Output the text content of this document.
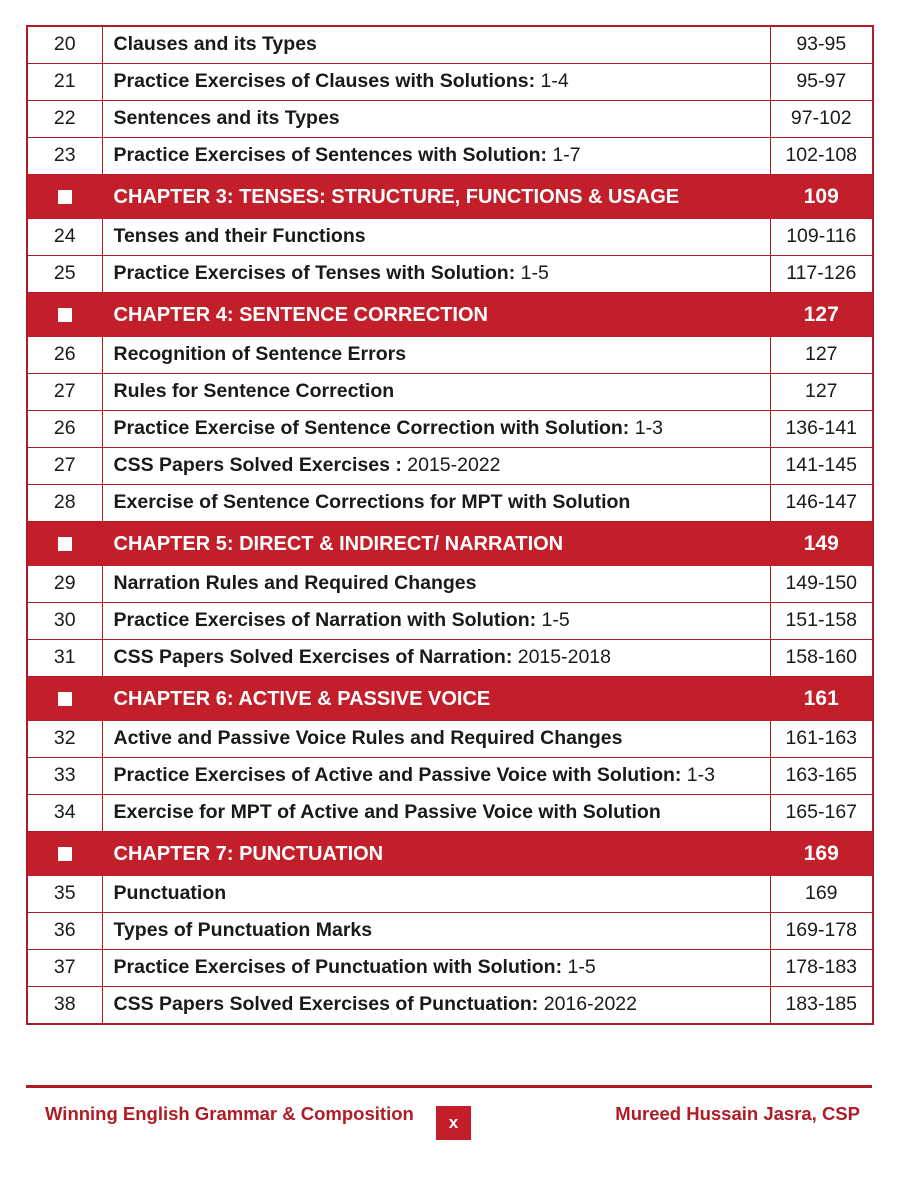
20	Clauses and its Types	93-95
21	Practice Exercises of Clauses with Solutions: 1-4	95-97
22	Sentences and its Types	97-102
23	Practice Exercises of Sentences with Solution: 1-7	102-108
	CHAPTER 3: TENSES: STRUCTURE, FUNCTIONS & USAGE	109
24	Tenses and their Functions	109-116
25	Practice Exercises of Tenses with Solution: 1-5	117-126
	CHAPTER 4: SENTENCE CORRECTION	127
26	Recognition of Sentence Errors	127
27	Rules for Sentence Correction	127
26	Practice Exercise of Sentence Correction with Solution: 1-3	136-141
27	CSS Papers Solved Exercises : 2015-2022	141-145
28	Exercise of Sentence Corrections for MPT with Solution	146-147
	CHAPTER 5: DIRECT & INDIRECT/ NARRATION	149
29	Narration Rules and Required Changes	149-150
30	Practice Exercises of Narration with Solution: 1-5	151-158
31	CSS Papers Solved Exercises of Narration: 2015-2018	158-160
	CHAPTER 6: ACTIVE & PASSIVE VOICE	161
32	Active and Passive Voice Rules and Required Changes	161-163
33	Practice Exercises of Active and Passive Voice with Solution: 1-3	163-165
34	Exercise for MPT of Active and Passive Voice with Solution	165-167
	CHAPTER 7: PUNCTUATION	169
35	Punctuation	169
36	Types of Punctuation Marks	169-178
37	Practice Exercises of Punctuation with Solution: 1-5	178-183
38	CSS Papers Solved Exercises of Punctuation: 2016-2022	183-185
Winning English Grammar & Composition	x	Mureed Hussain Jasra, CSP
